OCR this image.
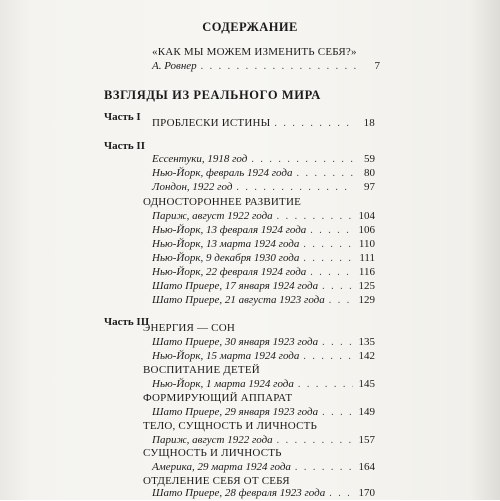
СОДЕРЖАНИЕ
«КАК МЫ МОЖЕМ ИЗМЕНИТЬ СЕБЯ?»
А. Ровнер . . .	7
ВЗГЛЯДЫ ИЗ РЕАЛЬНОГО МИРА
Часть I ПРОБЛЕСКИ ИСТИНЫ . . .	18
Часть II
Ессентуки, 1918 год . . .	59
Нью-Йорк, февраль 1924 года . . .	80
Лондон, 1922 год . . .	97
ОДНОСТОРОННЕЕ РАЗВИТИЕ
Париж, август 1922 года . . .	104
Нью-Йорк, 13 февраля 1924 года . . .	106
Нью-Йорк, 13 марта 1924 года . . .	110
Нью-Йорк, 9 декабря 1930 года . . .	111
Нью-Йорк, 22 февраля 1924 года . . .	116
Шато Приере, 17 января 1924 года . . .	125
Шато Приере, 21 августа 1923 года . . .	129
Часть III
ЭНЕРГИЯ — СОН
Шато Приере, 30 января 1923 года . . .	135
Нью-Йорк, 15 марта 1924 года . . .	142
ВОСПИТАНИЕ ДЕТЕЙ
Нью-Йорк, 1 марта 1924 года . . .	145
ФОРМИРУЮЩИЙ АППАРАТ
Шато Приере, 29 января 1923 года . . .	149
ТЕЛО, СУЩНОСТЬ И ЛИЧНОСТЬ
Париж, август 1922 года . . .	157
СУЩНОСТЬ И ЛИЧНОСТЬ
Америка, 29 марта 1924 года . . .	164
ОТДЕЛЕНИЕ СЕБЯ ОТ СЕБЯ
Шато Приере, 28 февраля 1923 года . . .	170
